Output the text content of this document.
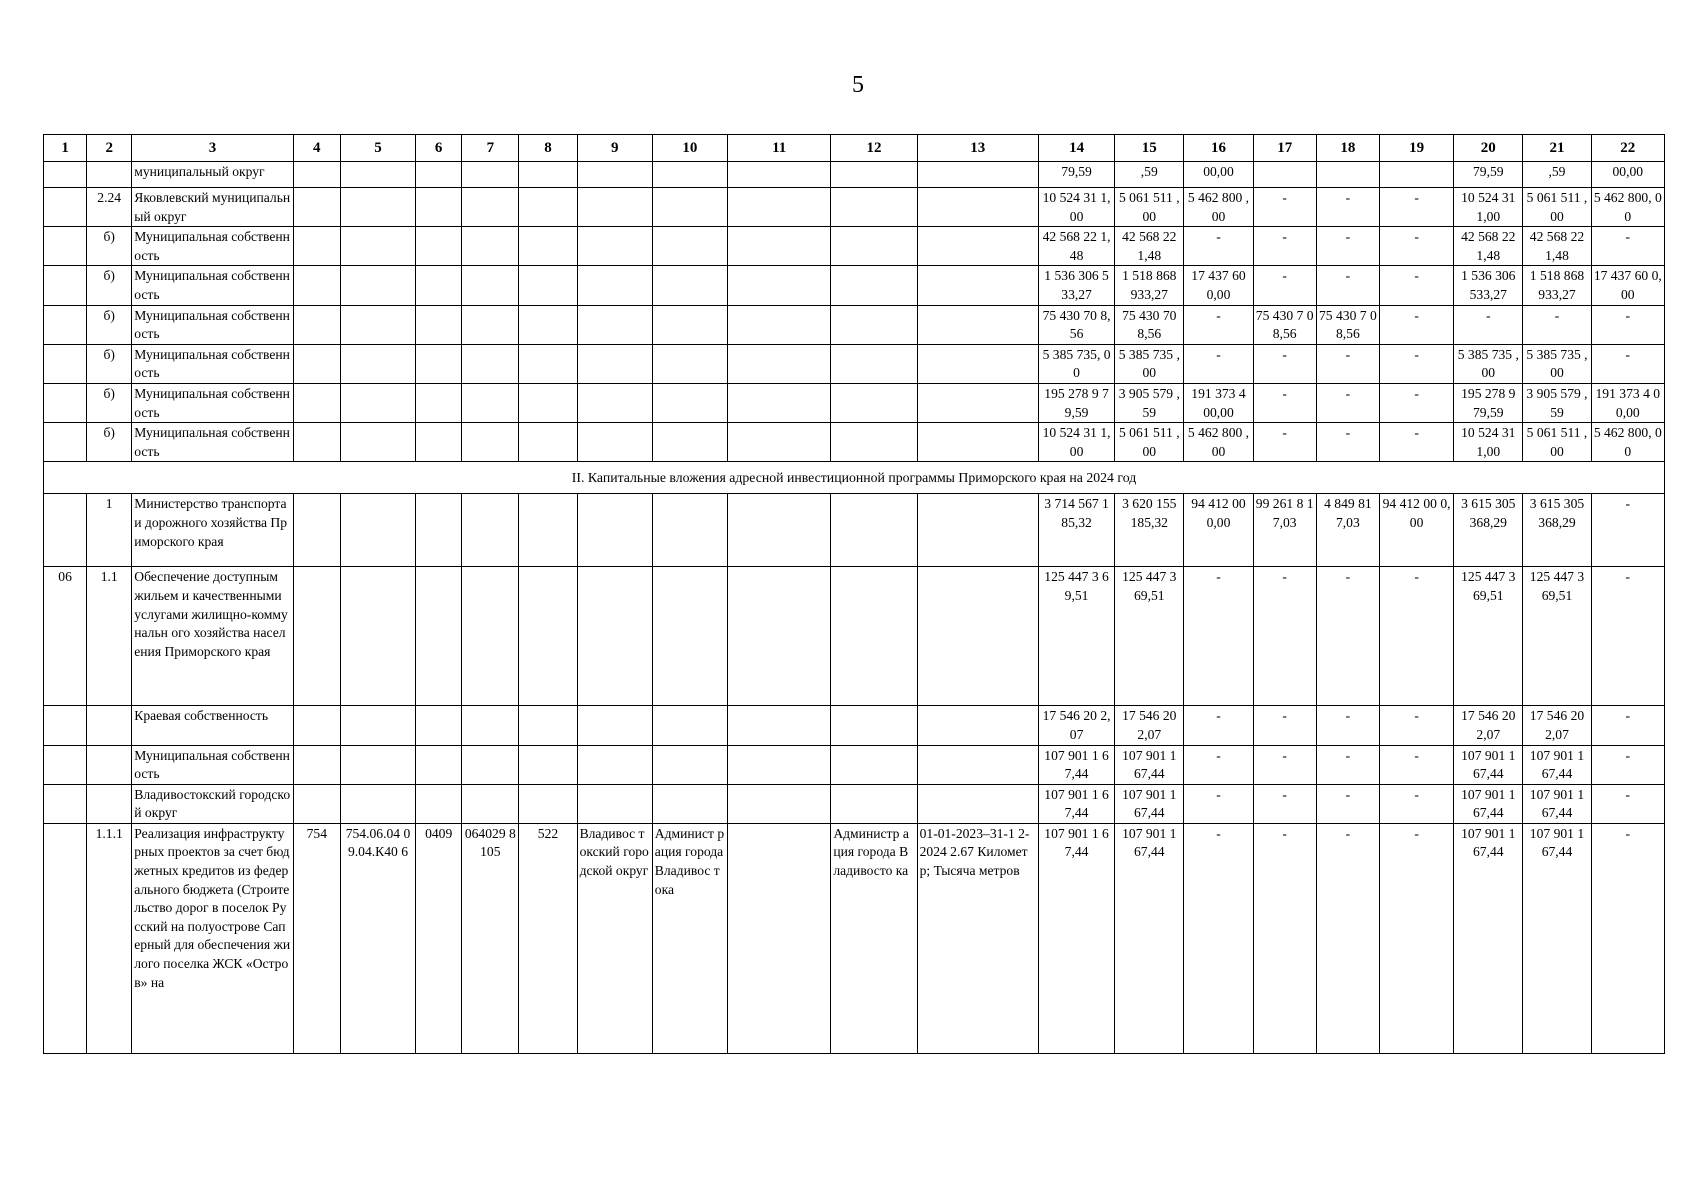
5
1	2	3	4	5	6	7	8	9	10	11	12	13	14	15	16	17	18	19	20	21	22
		муниципальный округ											79,59	,59	00,00				79,59	,59	00,00
	2.24	Яковлевский муниципальный округ											10 524 31 1,00	5 061 511 ,00	5 462 800 ,00	-	-	-	10 524 31 1,00	5 061 511 ,00	5 462 800, 00
	б)	Муниципальная собственность											42 568 22 1,48	42 568 22 1,48	-	-	-	-	42 568 22 1,48	42 568 22 1,48	-
	б)	Муниципальная собственность											1 536 306 533,27	1 518 868 933,27	17 437 60 0,00	-	-	-	1 536 306 533,27	1 518 868 933,27	17 437 60 0,00
	б)	Муниципальная собственность											75 430 70 8,56	75 430 70 8,56	-	75 430 7 08,56	75 430 7 08,56	-	-	-	-
	б)	Муниципальная собственность											5 385 735, 00	5 385 735 ,00	-	-	-	-	5 385 735 ,00	5 385 735 ,00	-
	б)	Муниципальная собственность											195 278 9 79,59	3 905 579 ,59	191 373 4 00,00	-	-	-	195 278 9 79,59	3 905 579 ,59	191 373 4 00,00
	б)	Муниципальная собственность											10 524 31 1,00	5 061 511 ,00	5 462 800 ,00	-	-	-	10 524 31 1,00	5 061 511 ,00	5 462 800, 00
II. Капитальные вложения адресной инвестиционной программы Приморского края на 2024 год																					
	1	Министерство транспорта и дорожного хозяйства Приморского края											3 714 567 185,32	3 620 155 185,32	94 412 00 0,00	99 261 8 17,03	4 849 81 7,03	94 412 00 0,00	3 615 305 368,29	3 615 305 368,29	-
06	1.1	Обеспечение доступным жильем и качественными услугами жилищно-коммунальн ого хозяйства населения Приморского края											125 447 3 69,51	125 447 3 69,51	-	-	-	-	125 447 3 69,51	125 447 3 69,51	-
		Краевая собственность											17 546 20 2,07	17 546 20 2,07	-	-	-	-	17 546 20 2,07	17 546 20 2,07	-
		Муниципальная собственность											107 901 1 67,44	107 901 1 67,44	-	-	-	-	107 901 1 67,44	107 901 1 67,44	-
		Владивостокский городской округ											107 901 1 67,44	107 901 1 67,44	-	-	-	-	107 901 1 67,44	107 901 1 67,44	-
	1.1.1	Реализация инфраструктурных проектов за счет бюджетных кредитов из федерального бюджета (Строительство дорог в поселок Русский на полуострове Саперный для обеспечения жилого поселка ЖСК «Остров» на	754	754.06.04 09.04.К40 6	0409	064029 8105	522	Владивос токский городской округ	Админист рация города Владивос тока		Администр ация города Владивосто ка	01-01-2023–31-1 2-2024 2.67 Километр; Тысяча метров	107 901 1 67,44	107 901 1 67,44	-	-	-	-	107 901 1 67,44	107 901 1 67,44	-
